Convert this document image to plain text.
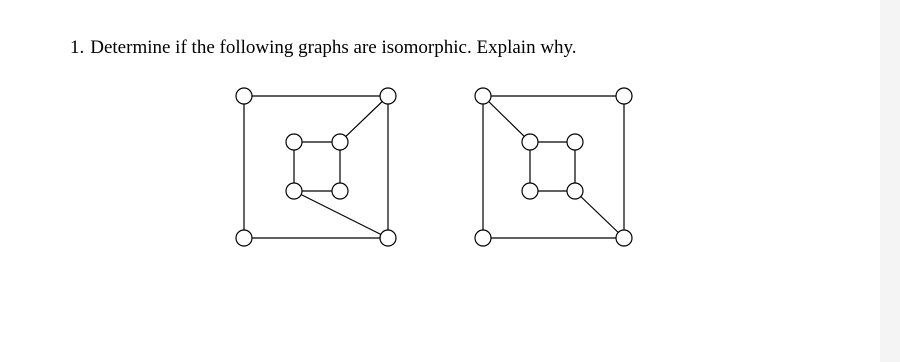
1. Determine if the following graphs are isomorphic. Explain why.
